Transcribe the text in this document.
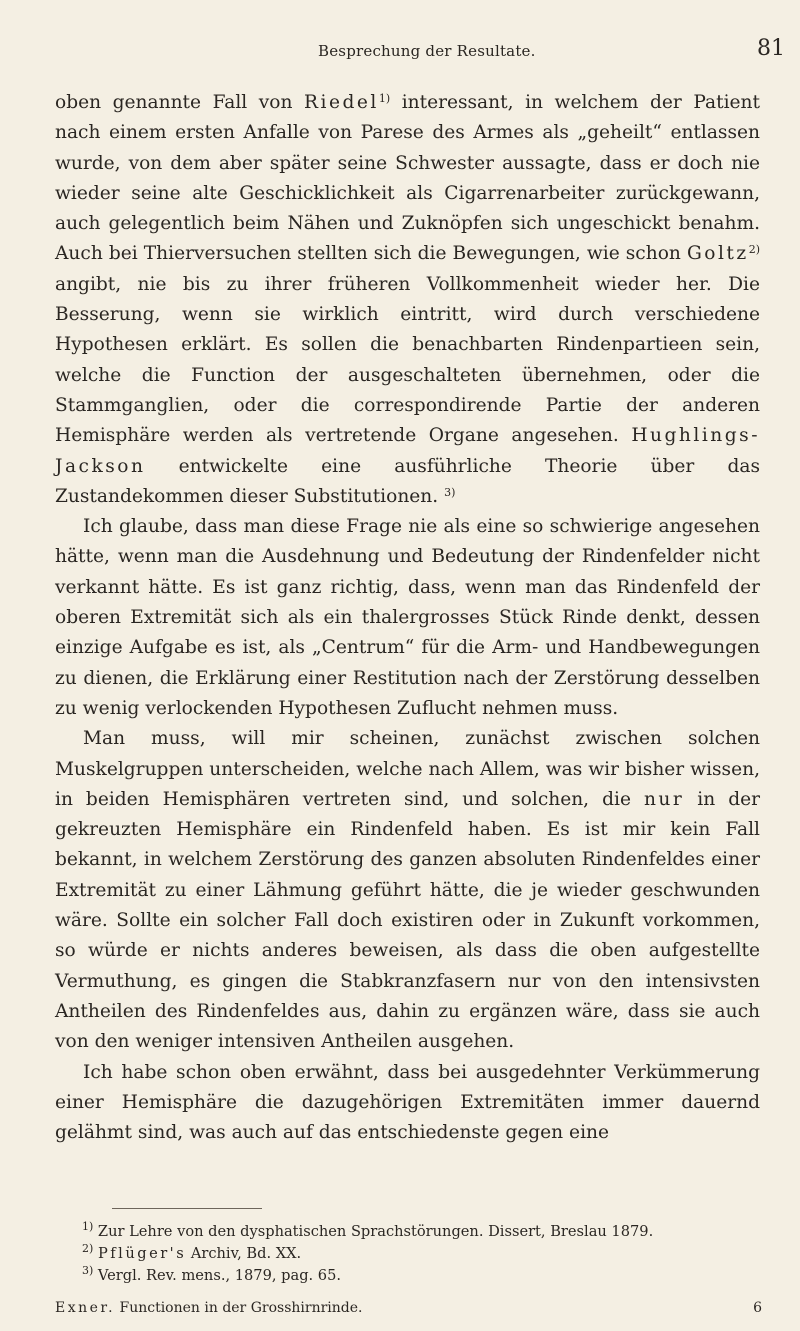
Besprechung der Resultate.	81

oben genannte Fall von Riedel$^{1)}$ interessant, in welchem der Patient nach einem ersten Anfalle von Parese des Armes als „geheilt“ entlassen wurde, von dem aber später seine Schwester aussagte, dass er doch nie wieder seine alte Geschicklichkeit als Cigarrenarbeiter zurückgewann, auch gelegentlich beim Nähen und Zuknöpfen sich ungeschickt benahm. Auch bei Thierversuchen stellten sich die Bewegungen, wie schon Goltz$^{2)}$ angibt, nie bis zu ihrer früheren Vollkommenheit wieder her. Die Besserung, wenn sie wirklich eintritt, wird durch verschiedene Hypothesen erklärt. Es sollen die benachbarten Rindenpartieen sein, welche die Function der ausgeschalteten übernehmen, oder die Stammganglien, oder die correspondirende Partie der anderen Hemisphäre werden als vertretende Organe angesehen. Hughlings-Jackson entwickelte eine ausführliche Theorie über das Zustandekommen dieser Substitutionen. $^{3)}$

Ich glaube, dass man diese Frage nie als eine so schwierige angesehen hätte, wenn man die Ausdehnung und Bedeutung der Rindenfelder nicht verkannt hätte. Es ist ganz richtig, dass, wenn man das Rindenfeld der oberen Extremität sich als ein thalergrosses Stück Rinde denkt, dessen einzige Aufgabe es ist, als „Centrum“ für die Arm- und Handbewegungen zu dienen, die Erklärung einer Restitution nach der Zerstörung desselben zu wenig verlockenden Hypothesen Zuflucht nehmen muss.

Man muss, will mir scheinen, zunächst zwischen solchen Muskelgruppen unterscheiden, welche nach Allem, was wir bisher wissen, in beiden Hemisphären vertreten sind, und solchen, die nur in der gekreuzten Hemisphäre ein Rindenfeld haben. Es ist mir kein Fall bekannt, in welchem Zerstörung des ganzen absoluten Rindenfeldes einer Extremität zu einer Lähmung geführt hätte, die je wieder geschwunden wäre. Sollte ein solcher Fall doch existiren oder in Zukunft vorkommen, so würde er nichts anderes beweisen, als dass die oben aufgestellte Vermuthung, es gingen die Stabkranzfasern nur von den intensivsten Antheilen des Rindenfeldes aus, dahin zu ergänzen wäre, dass sie auch von den weniger intensiven Antheilen ausgehen.

Ich habe schon oben erwähnt, dass bei ausgedehnter Verkümmerung einer Hemisphäre die dazugehörigen Extremitäten immer dauernd gelähmt sind, was auch auf das entschiedenste gegen eine

$^{1)}$ Zur Lehre von den dysphatischen Sprachstörungen. Dissert, Breslau 1879.

$^{2)}$ Pflüger's Archiv, Bd. XX.

$^{3)}$ Vergl. Rev. mens., 1879, pag. 65.

Exner. Functionen in der Grosshirnrinde.	6
